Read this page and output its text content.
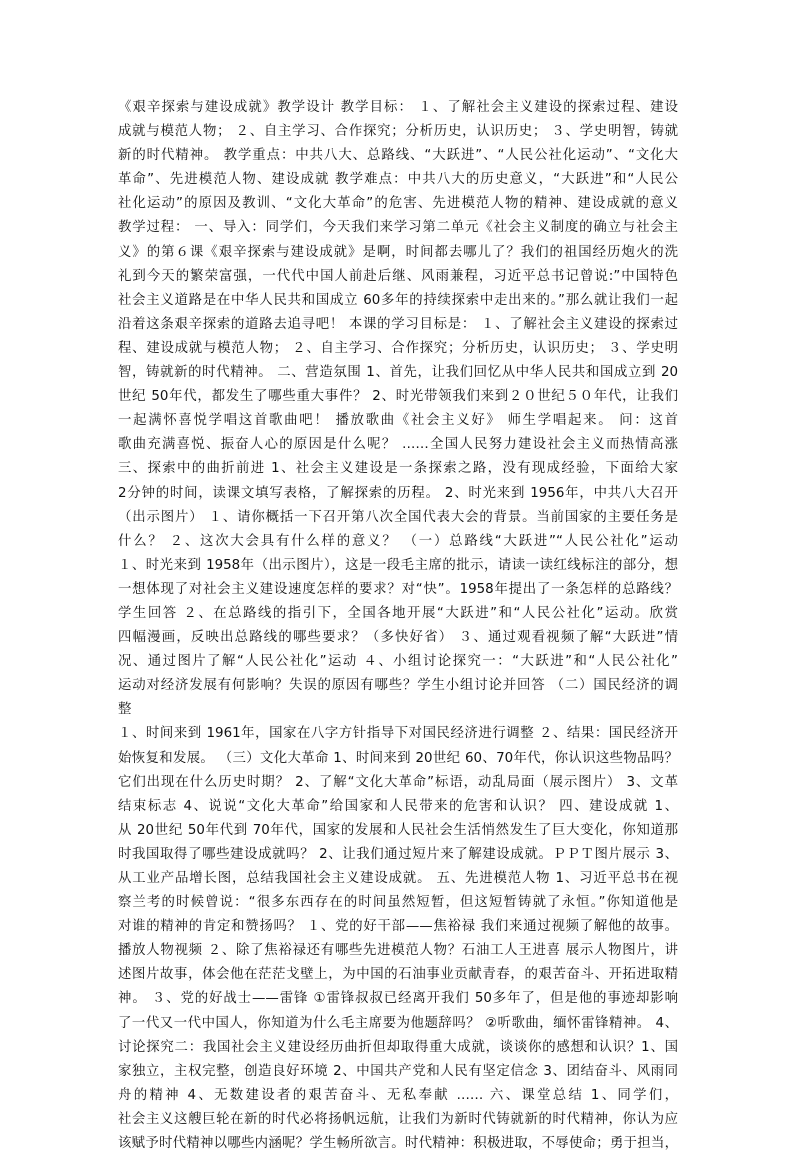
《艰辛探索与建设成就》教学设计 教学目标： １、了解社会主义建设的探索过程、建设
成就与模范人物； ２、自主学习、合作探究；分析历史，认识历史； ３、学史明智，铸就
新的时代精神。 教学重点：中共八大、总路线、“大跃进”、“人民公社化运动”、“文化大
革命”、先进模范人物、建设成就 教学难点：中共八大的历史意义，“大跃进”和“人民公
社化运动”的原因及教训、“文化大革命”的危害、先进模范人物的精神、建设成就的意义
教学过程： 一、导入：同学们，今天我们来学习第二单元《社会主义制度的确立与社会主
义》的第６课《艰辛探索与建设成就》是啊，时间都去哪儿了？我们的祖国经历炮火的洗
礼到今天的繁荣富强，一代代中国人前赴后继、风雨兼程，习近平总书记曾说:”中国特色
社会主义道路是在中华人民共和国成立 60多年的持续探索中走出来的。”那么就让我们一起
沿着这条艰辛探索的道路去追寻吧！ 本课的学习目标是： １、了解社会主义建设的探索过
程、建设成就与模范人物； ２、自主学习、合作探究；分析历史，认识历史； ３、学史明
智，铸就新的时代精神。 二、营造氛围 1、首先，让我们回忆从中华人民共和国成立到 20
世纪 50年代，都发生了哪些重大事件？ 2、时光带领我们来到２０世纪５０年代，让我们
一起满怀喜悦学唱这首歌曲吧！ 播放歌曲《社会主义好》 师生学唱起来。 问：这首
歌曲充满喜悦、振奋人心的原因是什么呢？ ……全国人民努力建设社会主义而热情高涨
三、探索中的曲折前进 1、社会主义建设是一条探索之路，没有现成经验，下面给大家
2分钟的时间，读课文填写表格，了解探索的历程。 2、时光来到 1956年，中共八大召开
（出示图片） １、请你概括一下召开第八次全国代表大会的背景。当前国家的主要任务是
什么？ ２、这次大会具有什么样的意义？ （一）总路线“大跃进”“人民公社化”运动
１、时光来到 1958年（出示图片），这是一段毛主席的批示，请读一读红线标注的部分，想
一想体现了对社会主义建设速度怎样的要求？对“快”。1958年提出了一条怎样的总路线？
学生回答 ２、在总路线的指引下，全国各地开展“大跃进”和“人民公社化”运动。欣赏
四幅漫画，反映出总路线的哪些要求？（多快好省） ３、通过观看视频了解“大跃进”情
况、通过图片了解“人民公社化”运动 ４、小组讨论探究一：“大跃进”和“人民公社化”
运动对经济发展有何影响？失误的原因有哪些？学生小组讨论并回答 （二）国民经济的调
整
１、时间来到 1961年，国家在八字方针指导下对国民经济进行调整 ２、结果：国民经济开
始恢复和发展。 （三）文化大革命 1、时间来到 20世纪 60、70年代，你认识这些物品吗？
它们出现在什么历史时期？ 2、了解“文化大革命”标语，动乱局面（展示图片） 3、文革
结束标志 4、说说“文化大革命”给国家和人民带来的危害和认识？ 四、建设成就 1、
从 20世纪 50年代到 70年代，国家的发展和人民社会生活悄然发生了巨大变化，你知道那
时我国取得了哪些建设成就吗？ 2、让我们通过短片来了解建设成就。ＰＰＴ图片展示 3、
从工业产品增长图，总结我国社会主义建设成就。 五、先进模范人物 1、习近平总书在视
察兰考的时候曾说：“很多东西存在的时间虽然短暂，但这短暂铸就了永恒。”你知道他是
对谁的精神的肯定和赞扬吗？ １、党的好干部——焦裕禄 我们来通过视频了解他的故事。
播放人物视频 ２、除了焦裕禄还有哪些先进模范人物？石油工人王进喜 展示人物图片，讲
述图片故事，体会他在茫茫戈壁上，为中国的石油事业贡献青春，的艰苦奋斗、开拓进取精
神。 ３、党的好战士——雷锋 ①雷锋叔叔已经离开我们 50多年了，但是他的事迹却影响
了一代又一代中国人，你知道为什么毛主席要为他题辞吗？ ②听歌曲，缅怀雷锋精神。 4、
讨论探究二：我国社会主义建设经历曲折但却取得重大成就，谈谈你的感想和认识？1、国
家独立，主权完整，创造良好环境 2、中国共产党和人民有坚定信念 3、团结奋斗、风雨同
舟的精神 4、无数建设者的艰苦奋斗、无私奉献 …… 六、课堂总结 1、同学们，
社会主义这艘巨轮在新的时代必将扬帆远航，让我们为新时代铸就新的时代精神，你认为应
该赋予时代精神以哪些内涵呢？学生畅所欲言。时代精神：积极进取，不辱使命；勇于担当，
